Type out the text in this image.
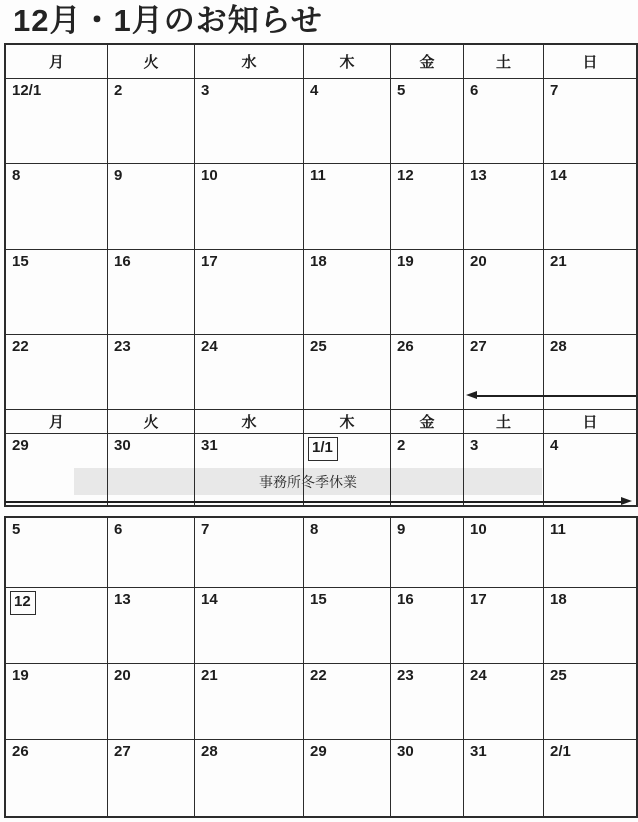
12月・1月のお知らせ
事務所冬季休業
月	火	水	木	金	土	日
12/1	2	3	4	5	6	7
8	9	10	11	12	13	14
15	16	17	18	19	20	21
22	23	24	25	26	27	28
月	火	水	木	金	土	日
29	30	31	1/1	2	3	4
5	6	7	8	9	10	11
12	13	14	15	16	17	18
19	20	21	22	23	24	25
26	27	28	29	30	31	2/1
